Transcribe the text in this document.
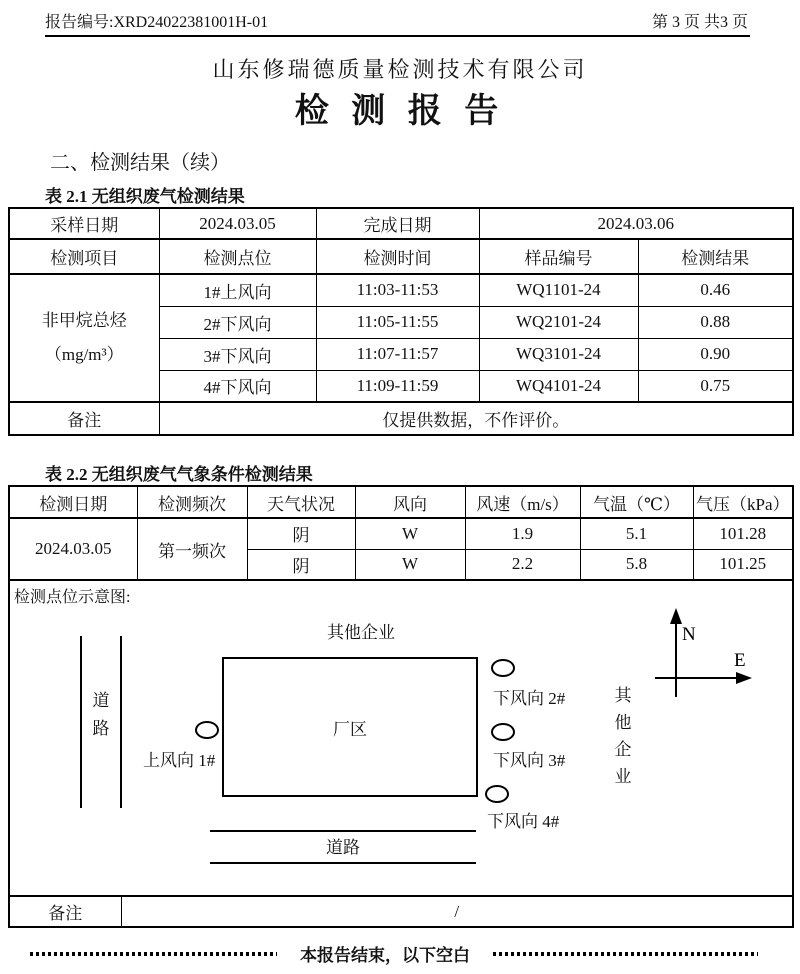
报告编号:XRD24022381001H-01	第 3 页 共3 页
山东修瑞德质量检测技术有限公司
检 测 报 告
二、检测结果（续）
表 2.1 无组织废气检测结果
采样日期	2024.03.05	完成日期	2024.03.06	
检测项目	检测点位	检测时间	样品编号	检测结果

非甲烷总烃
（mg/m³）	1#上风向	11:03-11:53	WQ1101-24	0.46
	2#下风向	11:05-11:55	WQ2101-24	0.88
	3#下风向	11:07-11:57	WQ3101-24	0.90
	4#下风向	11:09-11:59	WQ4101-24	0.75
备注	仅提供数据，不作评价。			
表 2.2 无组织废气气象条件检测结果
检测日期	检测频次	天气状况	风向	风速（m/s）	气温（℃）	气压（kPa）
2024.03.05	第一频次	阴	W	1.9	5.1	101.28
		阴	W	2.2	5.8	101.25

检测点位示意图:
其他企业
道路	厂区
上风向 1#
下风向 2#
下风向 3#
下风向 4#
其他企业
N
E
道路
备注	/
本报告结束，以下空白
